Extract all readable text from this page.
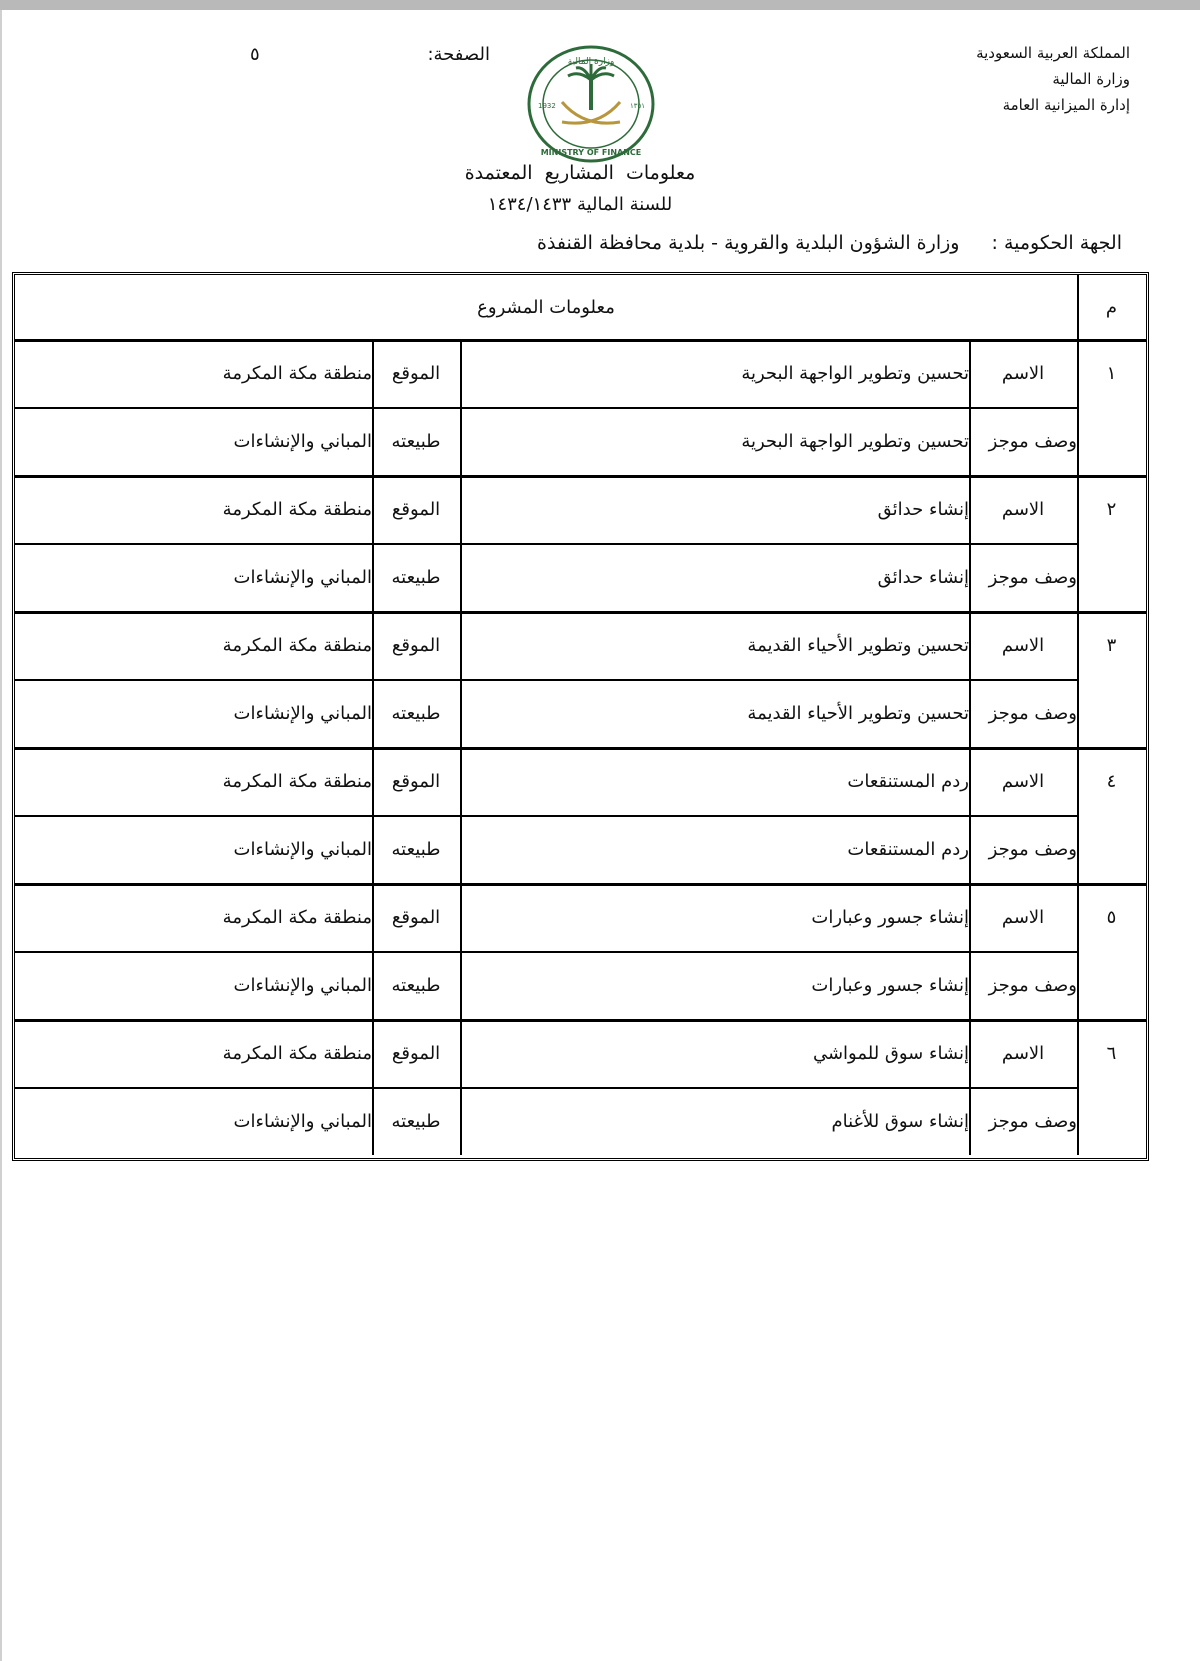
المملكة العربية السعودية
وزارة المالية
إدارة الميزانية العامة
وزارة المالية
MINISTRY OF FINANCE
1932	١٣٥١
الصفحة:
٥
معلومات المشاريع المعتمدة
للسنة المالية ١٤٣٤/١٤٣٣
الجهة الحكومية : وزارة الشؤون البلدية والقروية - بلدية محافظة القنفذة
م
معلومات المشروع
١
الاسم
تحسين وتطوير الواجهة البحرية
الموقع
منطقة مكة المكرمة
وصف موجز
تحسين وتطوير الواجهة البحرية
طبيعته
المباني والإنشاءات
٢
الاسم
إنشاء حدائق
الموقع
منطقة مكة المكرمة
وصف موجز
إنشاء حدائق
طبيعته
المباني والإنشاءات
٣
الاسم
تحسين وتطوير الأحياء القديمة
الموقع
منطقة مكة المكرمة
وصف موجز
تحسين وتطوير الأحياء القديمة
طبيعته
المباني والإنشاءات
٤
الاسم
ردم المستنقعات
الموقع
منطقة مكة المكرمة
وصف موجز
ردم المستنقعات
طبيعته
المباني والإنشاءات
٥
الاسم
إنشاء جسور وعبارات
الموقع
منطقة مكة المكرمة
وصف موجز
إنشاء جسور وعبارات
طبيعته
المباني والإنشاءات
٦
الاسم
إنشاء سوق للمواشي
الموقع
منطقة مكة المكرمة
وصف موجز
إنشاء سوق للأغنام
طبيعته
المباني والإنشاءات
